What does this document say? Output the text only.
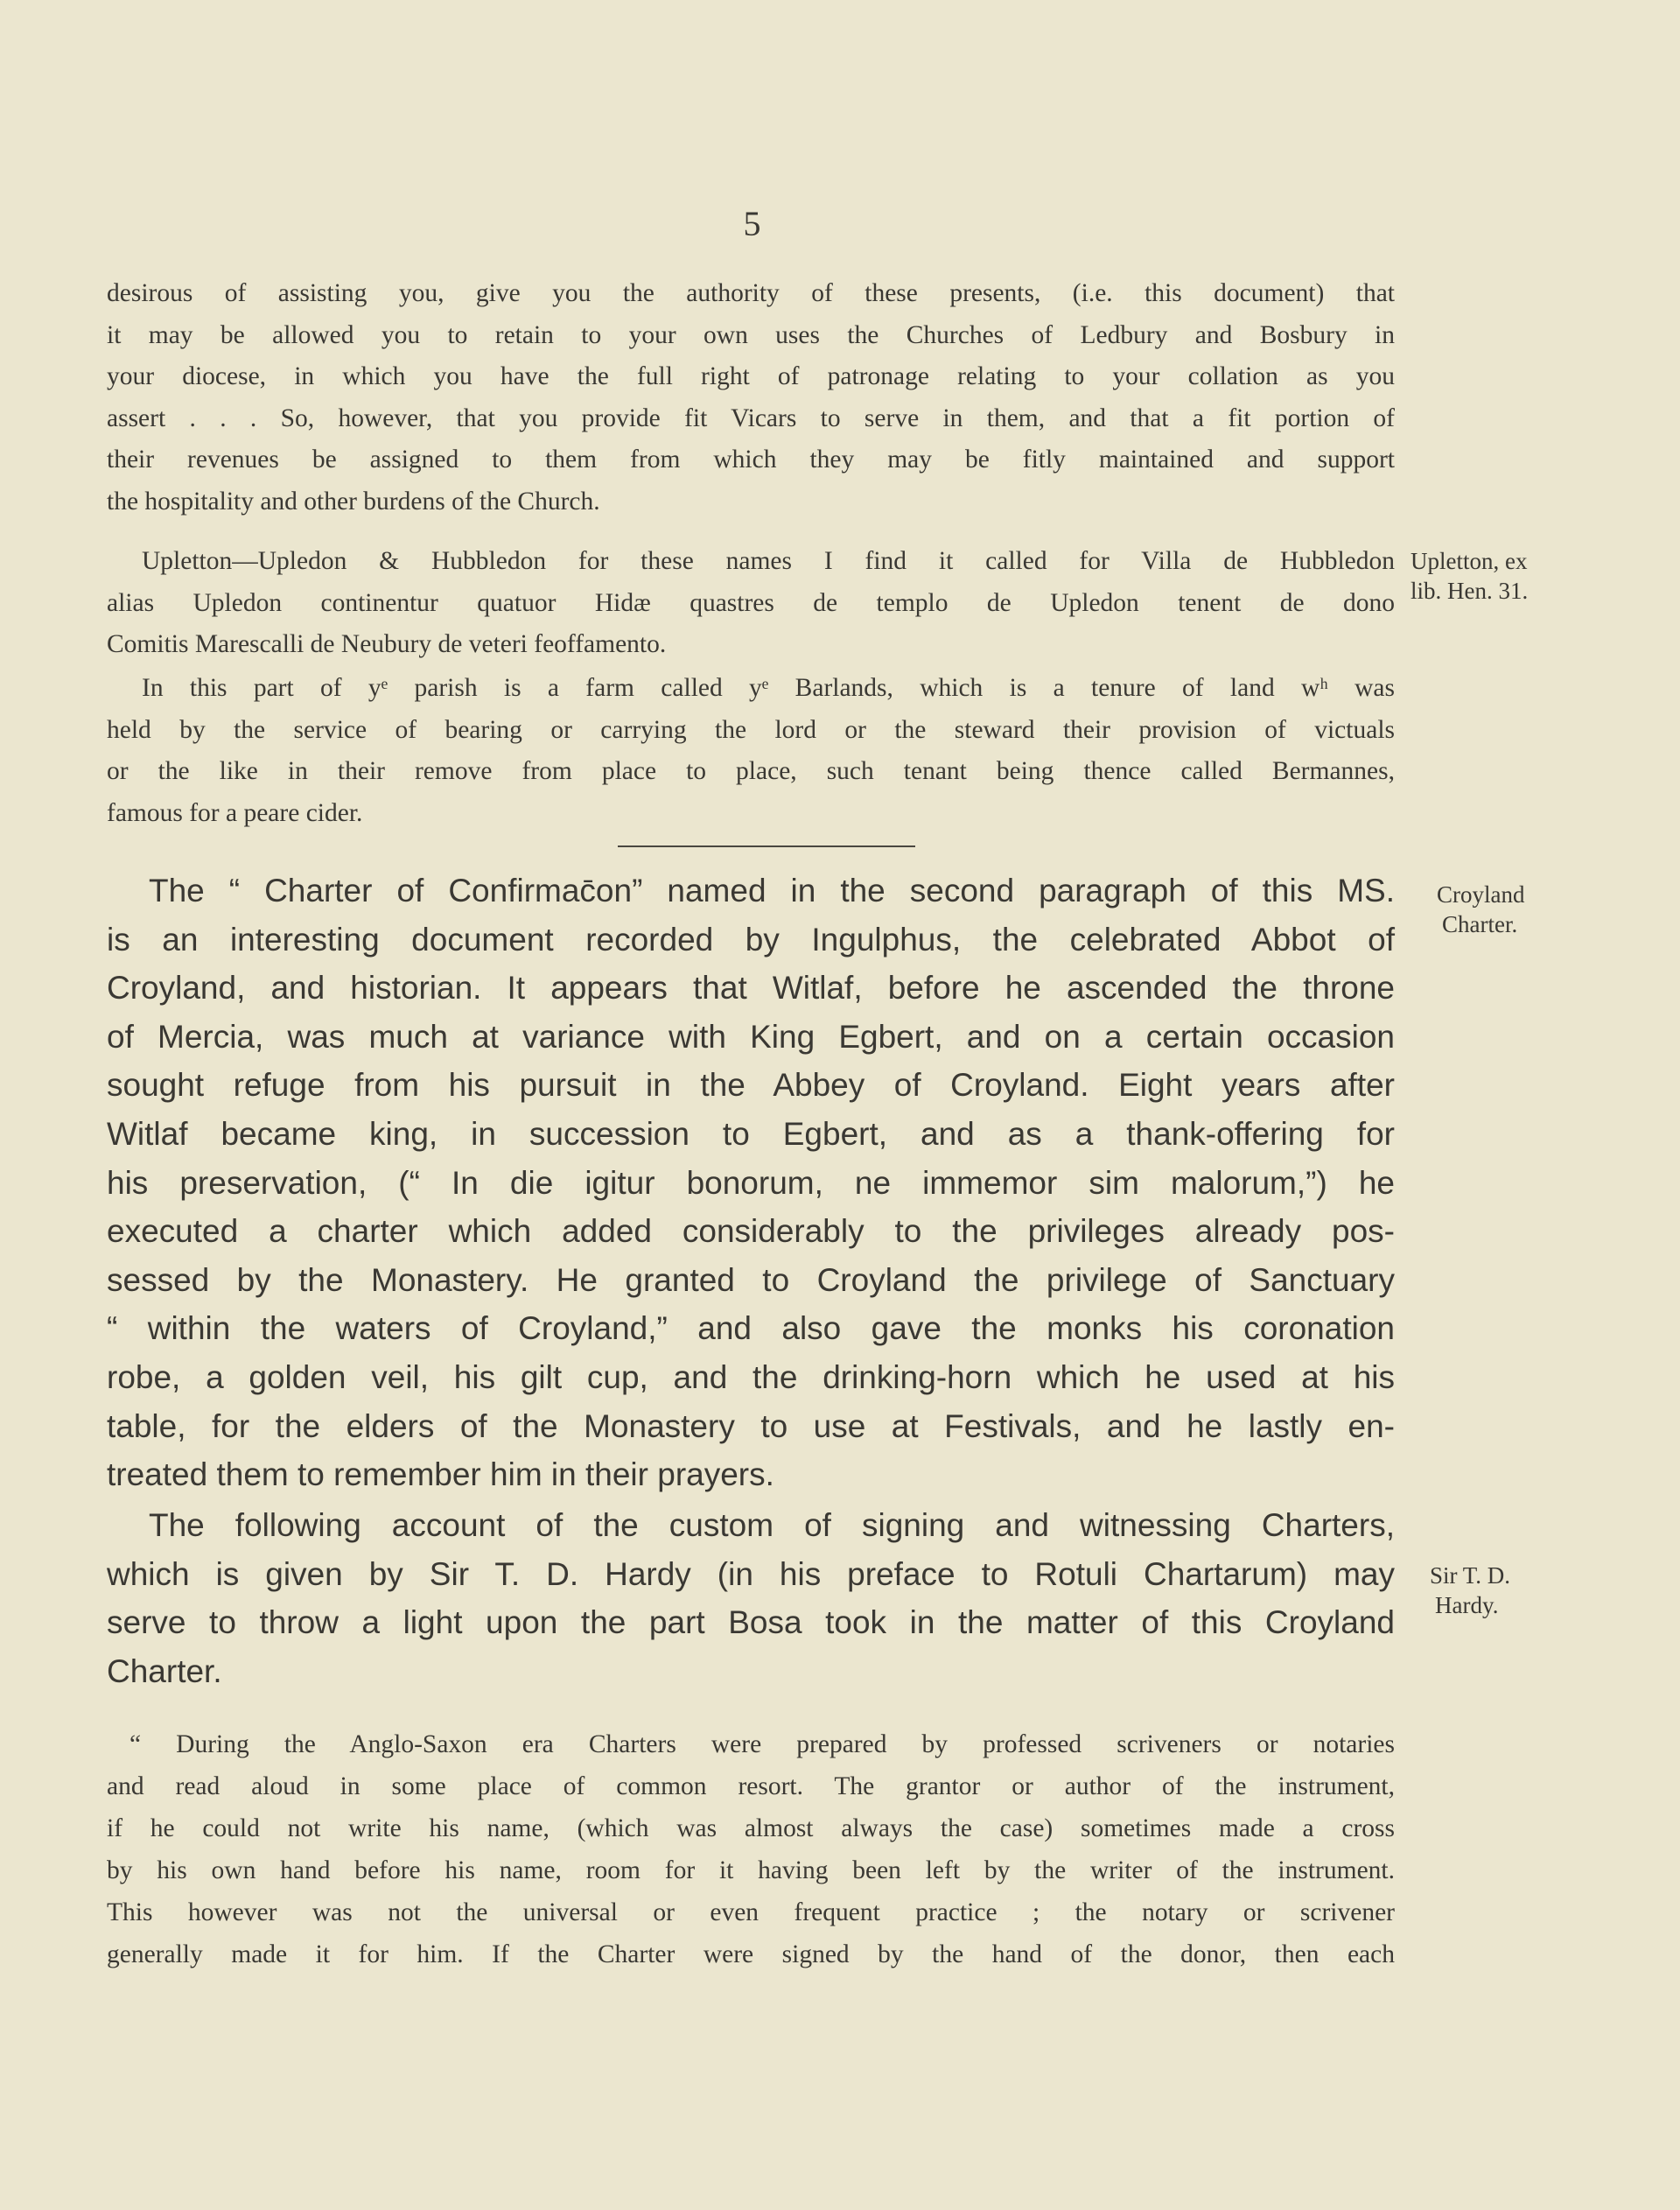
5
desirous of assisting you, give you the authority of these presents, (i.e. this document) that
it may be allowed you to retain to your own uses the Churches of Ledbury and Bosbury in
your diocese, in which you have the full right of patronage relating to your collation as you
assert . . . So, however, that you provide fit Vicars to serve in them, and that a fit portion of
their revenues be assigned to them from which they may be fitly maintained and support
the hospitality and other burdens of the Church.
Upletton—Upledon & Hubbledon for these names I find it called for Villa de Hubbledon
alias Upledon continentur quatuor Hidæ quastres de templo de Upledon tenent de dono
Comitis Marescalli de Neubury de veteri feoffamento.
In this part of yᵉ parish is a farm called yᵉ Barlands, which is a tenure of land wʰ was
held by the service of bearing or carrying the lord or the steward their provision of victuals
or the like in their remove from place to place, such tenant being thence called Bermannes,
famous for a peare cider.
The “ Charter of Confirmac̄on” named in the second paragraph of this MS.
is an interesting document recorded by Ingulphus, the celebrated Abbot of
Croyland, and historian. It appears that Witlaf, before he ascended the throne
of Mercia, was much at variance with King Egbert, and on a certain occasion
sought refuge from his pursuit in the Abbey of Croyland. Eight years after
Witlaf became king, in succession to Egbert, and as a thank-offering for
his preservation, (“ In die igitur bonorum, ne immemor sim malorum,”) he
executed a charter which added considerably to the privileges already pos-
sessed by the Monastery. He granted to Croyland the privilege of Sanctuary
“ within the waters of Croyland,” and also gave the monks his coronation
robe, a golden veil, his gilt cup, and the drinking-horn which he used at his
table, for the elders of the Monastery to use at Festivals, and he lastly en-
treated them to remember him in their prayers.
The following account of the custom of signing and witnessing Charters,
which is given by Sir T. D. Hardy (in his preface to Rotuli Chartarum) may
serve to throw a light upon the part Bosa took in the matter of this Croyland
Charter.
“ During the Anglo-Saxon era Charters were prepared by professed scriveners or notaries
and read aloud in some place of common resort. The grantor or author of the instrument,
if he could not write his name, (which was almost always the case) sometimes made a cross
by his own hand before his name, room for it having been left by the writer of the instrument.
This however was not the universal or even frequent practice ; the notary or scrivener
generally made it for him. If the Charter were signed by the hand of the donor, then each
Upletton, ex
lib. Hen. 31.
Croyland
Charter.
Sir T. D.
Hardy.
